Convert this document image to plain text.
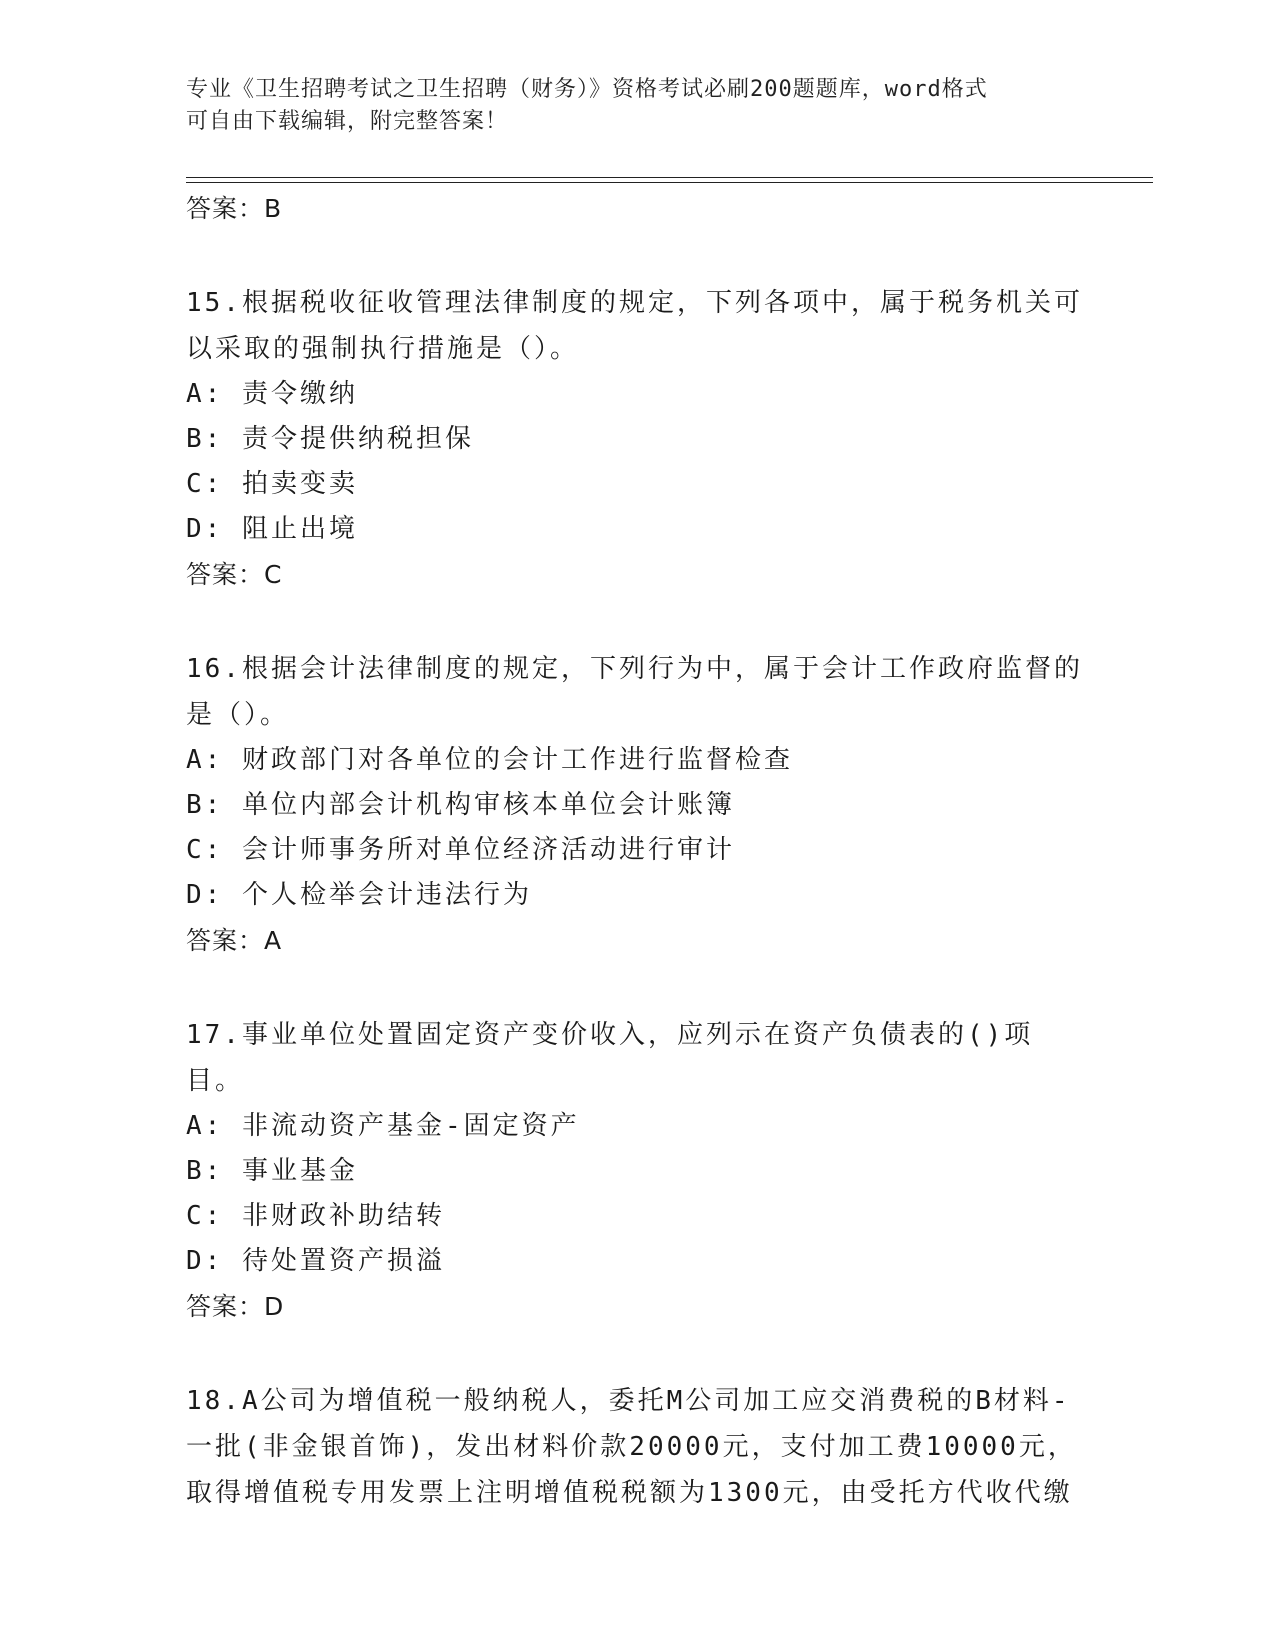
专业《卫生招聘考试之卫生招聘（财务）》资格考试必刷200题题库，word格式
可自由下载编辑，附完整答案！
答案：B
15.根据税收征收管理法律制度的规定，下列各项中，属于税务机关可
以采取的强制执行措施是（）。
A: 责令缴纳
B: 责令提供纳税担保
C: 拍卖变卖
D: 阻止出境
答案：C
16.根据会计法律制度的规定，下列行为中，属于会计工作政府监督的
是（）。
A: 财政部门对各单位的会计工作进行监督检查
B: 单位内部会计机构审核本单位会计账簿
C: 会计师事务所对单位经济活动进行审计
D: 个人检举会计违法行为
答案：A
17.事业单位处置固定资产变价收入，应列示在资产负债表的()项目。
A: 非流动资产基金-固定资产
B: 事业基金
C: 非财政补助结转
D: 待处置资产损溢
答案：D
18.A公司为增值税一般纳税人，委托M公司加工应交消费税的B材料-
一批(非金银首饰)，发出材料价款20000元，支付加工费10000元，
取得增值税专用发票上注明增值税税额为1300元，由受托方代收代缴
